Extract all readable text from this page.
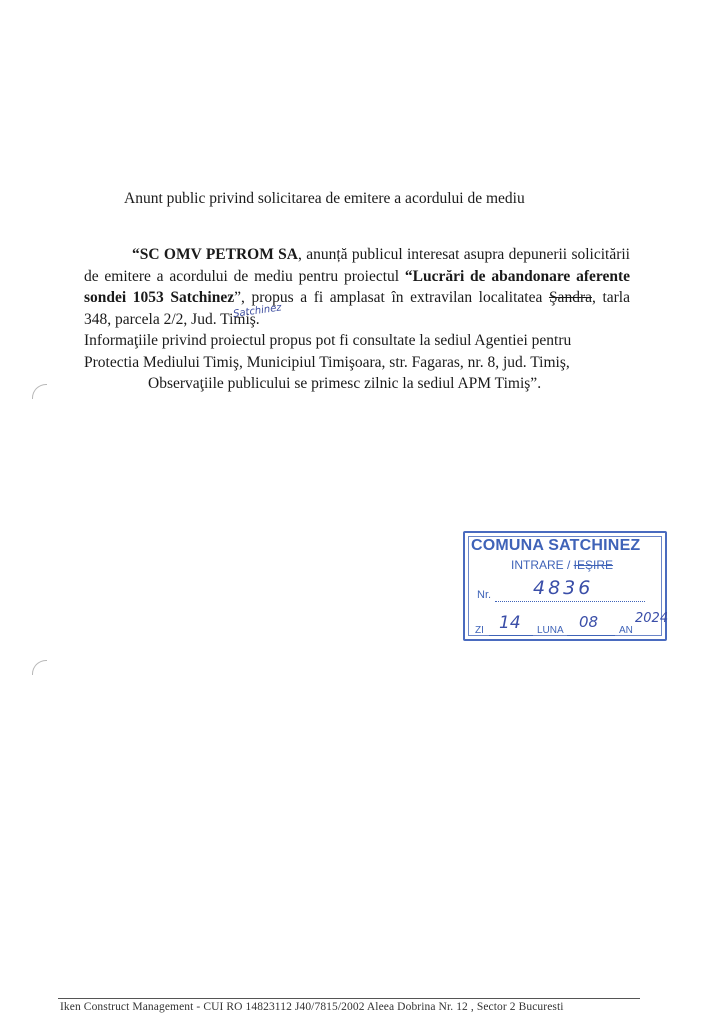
Anunt public privind solicitarea de emitere a acordului de mediu

“SC OMV PETROM SA, anunță publicul interesat asupra depunerii solicitării de emitere a acordului de mediu pentru proiectul “Lucrări de abandonare aferente sondei 1053 Satchinez”, propus a fi amplasat în extravilan localitatea Şandra, tarla 348, parcela 2/2, Jud. Timiş.

Informaţiile privind proiectul propus pot fi consultate la sediul Agentiei pentru

Protectia Mediului Timiş, Municipiul Timişoara, str. Fagaras, nr. 8, jud. Timiş,

Observaţiile publicului se primesc zilnic la sediul APM Timiş”.

Satchinez
COMUNA SATCHINEZ
INTRARE / IEŞIRE
Nr. 4836
ZI 14 LUNA 08 AN
2024
Iken Construct Management - CUI RO 14823112 J40/7815/2002 Aleea Dobrina Nr. 12 , Sector 2 Bucuresti
